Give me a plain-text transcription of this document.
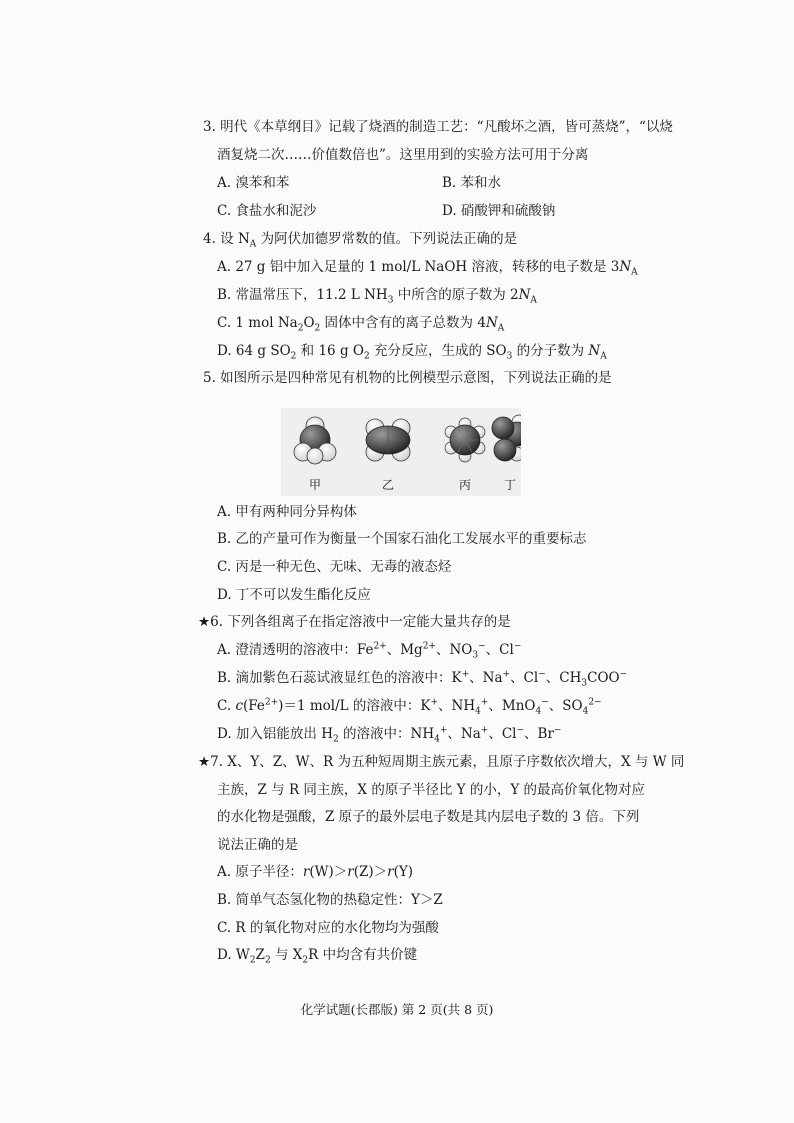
3. 明代《本草纲目》记载了烧酒的制造工艺：“凡酸坏之酒，皆可蒸烧”，“以烧
酒复烧二次……价值数倍也”。这里用到的实验方法可用于分离
A. 溴苯和苯	B. 苯和水
C. 食盐水和泥沙	D. 硝酸钾和硫酸钠
4. 设 $N_A$ 为阿伏加德罗常数的值。下列说法正确的是
A. 27 g 铝中加入足量的 1 mol/L NaOH 溶液，转移的电子数是 $3N_A$
B. 常温常压下，11.2 L $NH_3$ 中所含的原子数为 $2N_A$
C. 1 mol $Na_2O_2$ 固体中含有的离子总数为 $4N_A$
D. 64 g $SO_2$ 和 16 g $O_2$ 充分反应，生成的 $SO_3$ 的分子数为 $N_A$
5. 如图所示是四种常见有机物的比例模型示意图，下列说法正确的是
甲	乙	丙	丁
A. 甲有两种同分异构体
B. 乙的产量可作为衡量一个国家石油化工发展水平的重要标志
C. 丙是一种无色、无味、无毒的液态烃
D. 丁不可以发生酯化反应
★6. 下列各组离子在指定溶液中一定能大量共存的是
A. 澄清透明的溶液中：$Fe^{2+}$、$Mg^{2+}$、$NO_3^-$、Cl−
B. 滴加紫色石蕊试液显红色的溶液中：K+、Na+、Cl−、$CH_3COO^-$
C. $c(Fe^{2+})=1$ mol/L 的溶液中：K+、$NH_4^+$、MnO$_4$−、$SO_4^{2-}$
D. 加入铝能放出 $H_2$ 的溶液中：$NH_4^+$、Na+、Cl−、Br−
★7. X、Y、Z、W、R 为五种短周期主族元素，且原子序数依次增大，X 与 W 同
主族，Z 与 R 同主族，X 的原子半径比 Y 的小，Y 的最高价氧化物对应
的水化物是强酸，Z 原子的最外层电子数是其内层电子数的 3 倍。下列
说法正确的是
A. 原子半径：r(W)＞r(Z)＞r(Y)
B. 简单气态氢化物的热稳定性：Y＞Z
C. R 的氧化物对应的水化物均为强酸
D. $W_2Z_2$ 与 $X_2R$ 中均含有共价键
化学试题(长郡版) 第 2 页(共 8 页)
